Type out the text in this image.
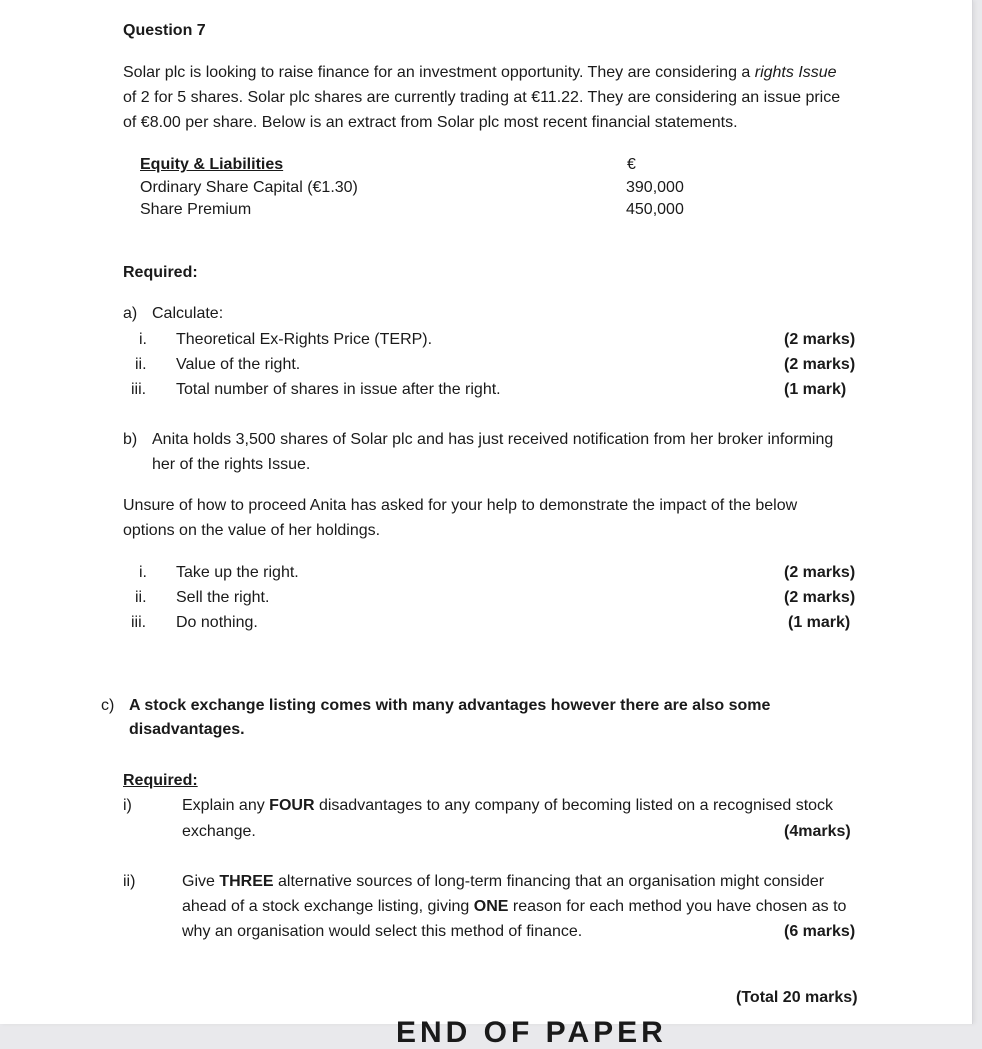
Question 7
Solar plc is looking to raise finance for an investment opportunity. They are considering a rights Issue
of 2 for 5 shares. Solar plc shares are currently trading at €11.22. They are considering an issue price
of €8.00 per share. Below is an extract from Solar plc most recent financial statements.
Equity & Liabilities	€
Ordinary Share Capital (€1.30)	390,000
Share Premium	450,000
Required:
a) Calculate:
i. Theoretical Ex-Rights Price (TERP).	(2 marks)
ii. Value of the right.	(2 marks)
iii. Total number of shares in issue after the right.	(1 mark)
b) Anita holds 3,500 shares of Solar plc and has just received notification from her broker informing
her of the rights Issue.
Unsure of how to proceed Anita has asked for your help to demonstrate the impact of the below
options on the value of her holdings.
i. Take up the right.	(2 marks)
ii. Sell the right.	(2 marks)
iii. Do nothing.	(1 mark)
c) A stock exchange listing comes with many advantages however there are also some
disadvantages.
Required:
i)	Explain any FOUR disadvantages to any company of becoming listed on a recognised stock
exchange.	(4marks)
ii)	Give THREE alternative sources of long-term financing that an organisation might consider
ahead of a stock exchange listing, giving ONE reason for each method you have chosen as to
why an organisation would select this method of finance.	(6 marks)
(Total 20 marks)
END OF PAPER
